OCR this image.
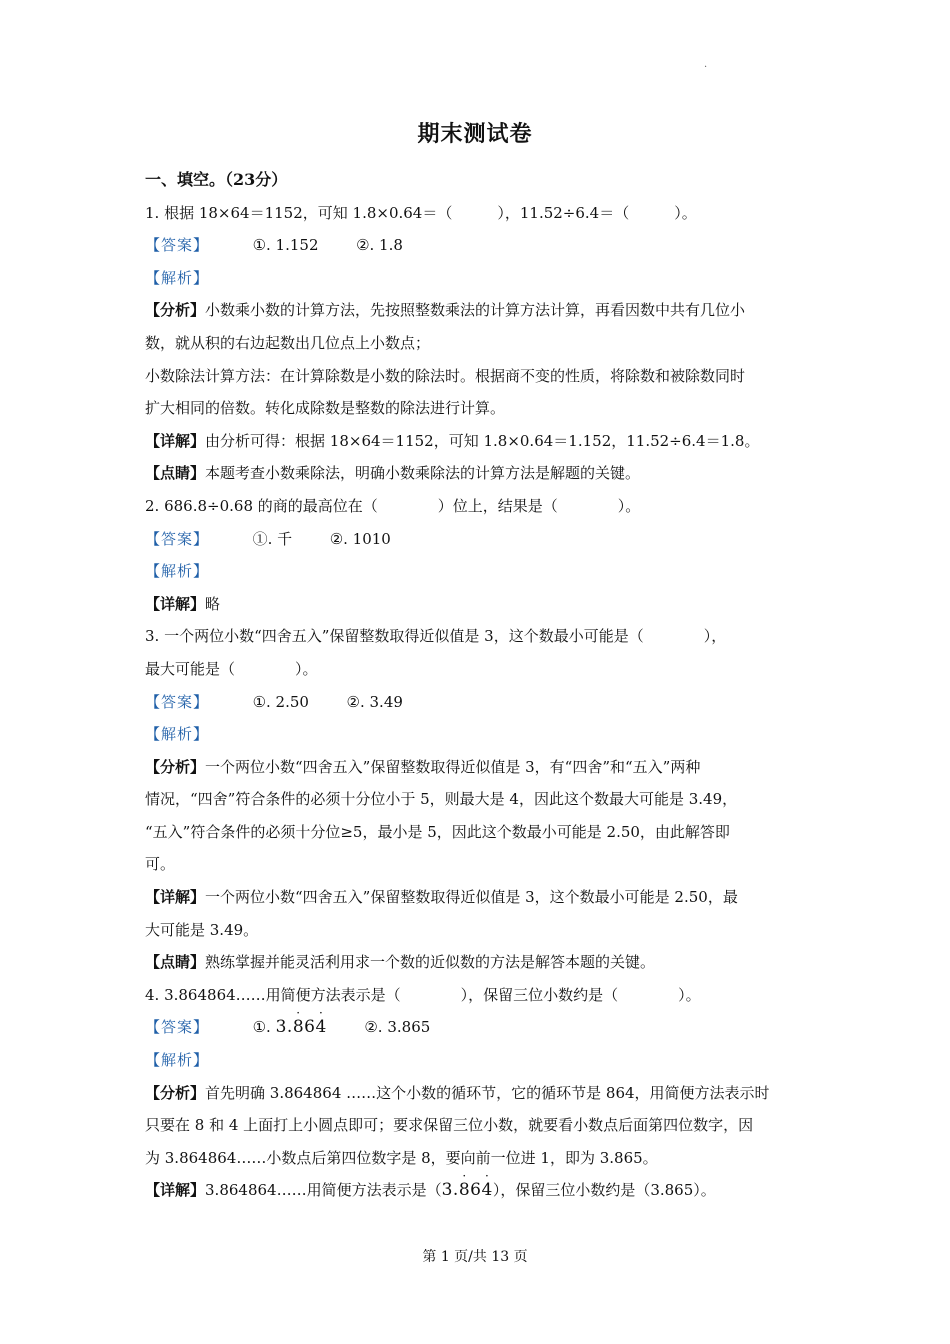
·
期末测试卷
一、填空。（23分）
1. 根据 18×64＝1152，可知 1.8×0.64＝（　　　），11.52÷6.4＝（　　　）。
【答案】	①. 1.152	②. 1.8
【解析】
【分析】小数乘小数的计算方法，先按照整数乘法的计算方法计算，再看因数中共有几位小
数，就从积的右边起数出几位点上小数点；
小数除法计算方法：在计算除数是小数的除法时。根据商不变的性质，将除数和被除数同时
扩大相同的倍数。转化成除数是整数的除法进行计算。
【详解】由分析可得：根据 18×64＝1152，可知 1.8×0.64＝1.152，11.52÷6.4＝1.8。
【点睛】本题考查小数乘除法，明确小数乘除法的计算方法是解题的关键。
2. 686.8÷0.68 的商的最高位在（　　　　）位上，结果是（　　　　）。
【答案】	①. 千	②. 1010
【解析】
【详解】略
3. 一个两位小数“四舍五入”保留整数取得近似值是 3，这个数最小可能是（　　　　），
最大可能是（　　　　）。
【答案】	①. 2.50	②. 3.49
【解析】
【分析】一个两位小数“四舍五入”保留整数取得近似值是 3，有“四舍”和“五入”两种
情况，“四舍”符合条件的必须十分位小于 5，则最大是 4，因此这个数最大可能是 3.49，
“五入”符合条件的必须十分位≥5，最小是 5，因此这个数最小可能是 2.50，由此解答即
可。
【详解】一个两位小数“四舍五入”保留整数取得近似值是 3，这个数最小可能是 2.50，最
大可能是 3.49。
【点睛】熟练掌握并能灵活利用求一个数的近似数的方法是解答本题的关键。
4. 3.864864……用简便方法表示是（　　　　），保留三位小数约是（　　　　）。
【答案】	①. 3.8
·
64
·
②. 3.865
【解析】
【分析】首先明确 3.864864 ……这个小数的循环节，它的循环节是 864，用简便方法表示时
只要在 8 和 4 上面打上小圆点即可；要求保留三位小数，就要看小数点后面第四位数字，因
为 3.864864……小数点后第四位数字是 8，要向前一位进 1，即为 3.865。
【详解】3.864864……用简便方法表示是（3.8
·
64
·
），保留三位小数约是（3.865）。
第 1 页/共 13 页
